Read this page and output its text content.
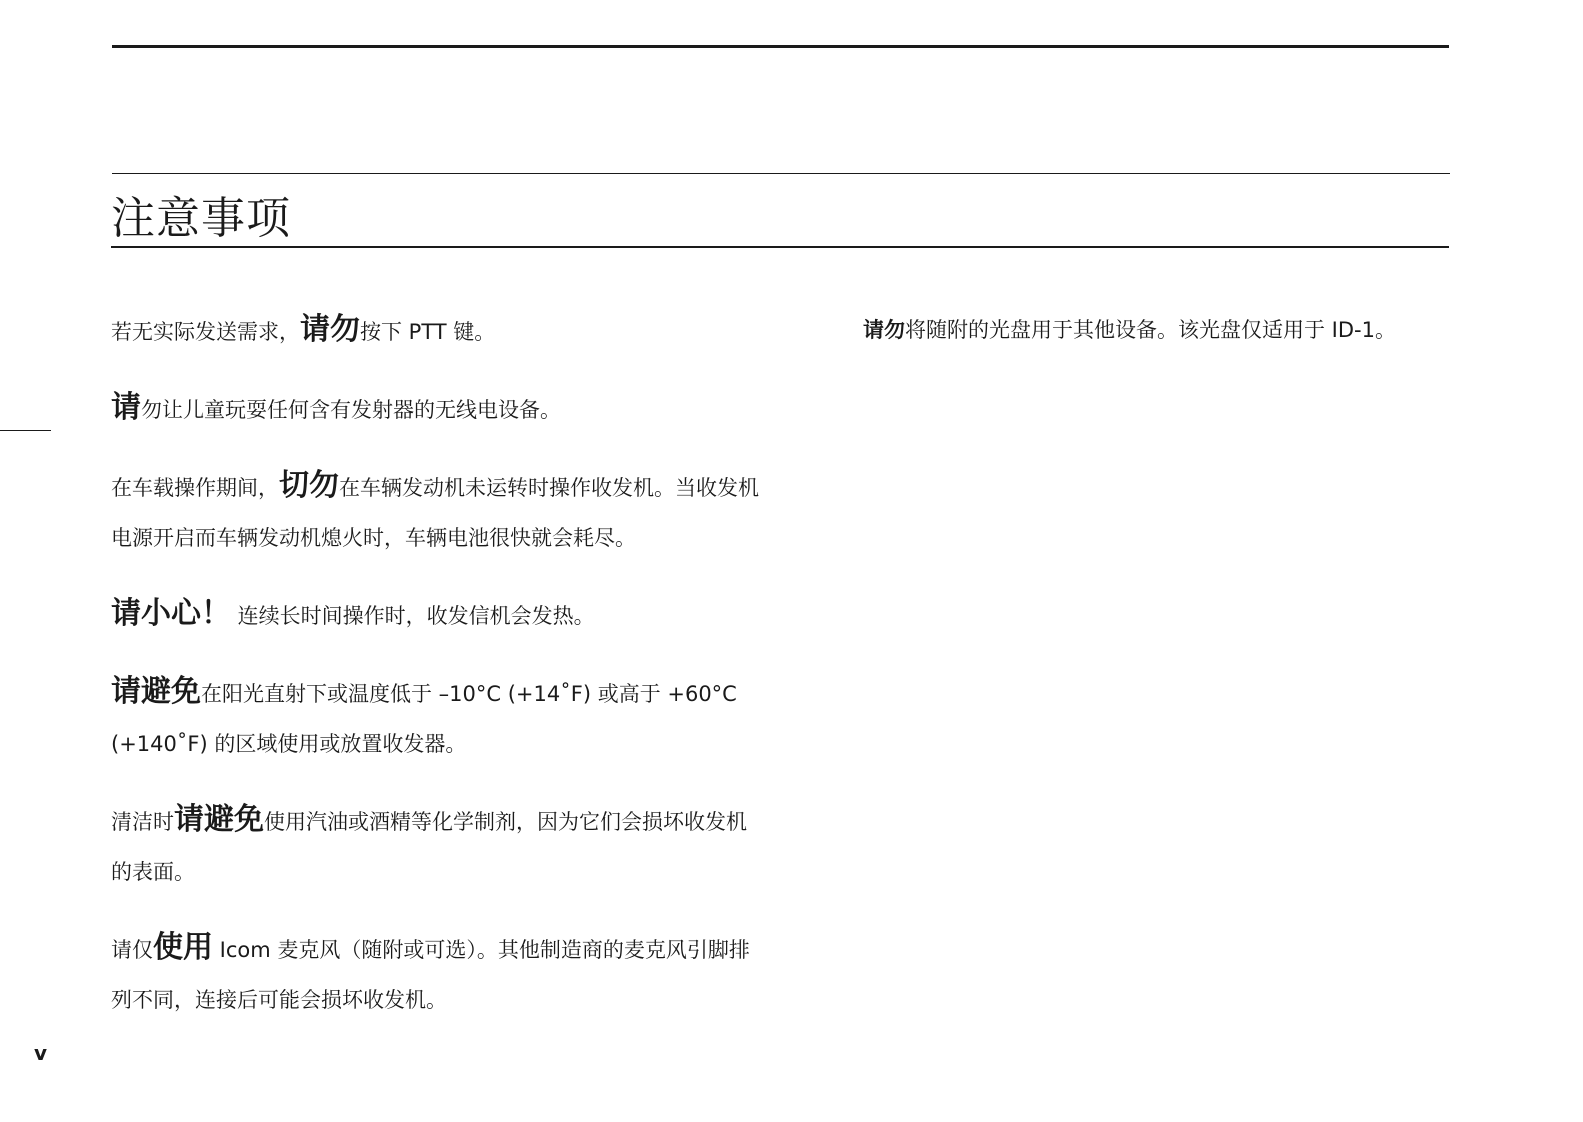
注意事项

若无实际发送需求，请勿按下 PTT 键。

请勿让儿童玩耍任何含有发射器的无线电设备。

在车载操作期间，切勿在车辆发动机未运转时操作收发机。当收发机电源开启而车辆发动机熄火时，车辆电池很快就会耗尽。

请小心！ 连续长时间操作时，收发信机会发热。

请避免在阳光直射下或温度低于 –10°C (+14˚F) 或高于 +60°C (+140˚F) 的区域使用或放置收发器。

清洁时请避免使用汽油或酒精等化学制剂，因为它们会损坏收发机的表面。

请仅使用 Icom 麦克风（随附或可选）。其他制造商的麦克风引脚排列不同，连接后可能会损坏收发机。

请勿将随附的光盘用于其他设备。该光盘仅适用于 ID-1。

v
